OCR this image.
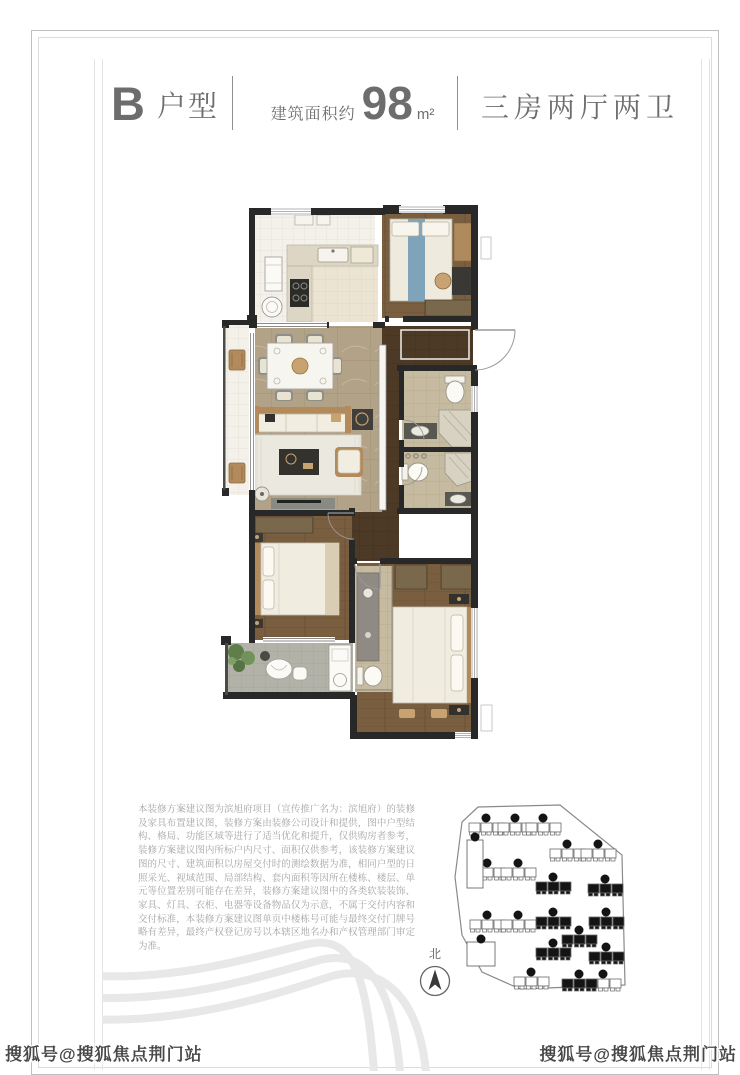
B户型	建筑面积约 98 m² 三房两厅两卫
本装修方案建议图为滨旭府项目（宣传推广名为：滨旭府）的装修及家具布置建议图，装修方案由装修公司设计和提供，图中户型结构、格局、功能区域等进行了适当优化和提升，仅供购房者参考，装修方案建议图内所标户内尺寸、面积仅供参考，该装修方案建议图的尺寸、建筑面积以房屋交付时的测绘数据为准，相同户型的日照采光、视域范围、局部结构、套内面积等因所在楼栋、楼层、单元等位置差别可能存在差异，装修方案建议图中的各类软装装饰、家具、灯具、衣柜、电器等设备物品仅为示意，不属于交付内容和交付标准，本装修方案建议图单页中楼栋号可能与最终交付门牌号略有差异，最终产权登记房号以本辖区地名办和产权管理部门审定为准。
北
搜狐号@搜狐焦点荆门站	搜狐号@搜狐焦点荆门站
